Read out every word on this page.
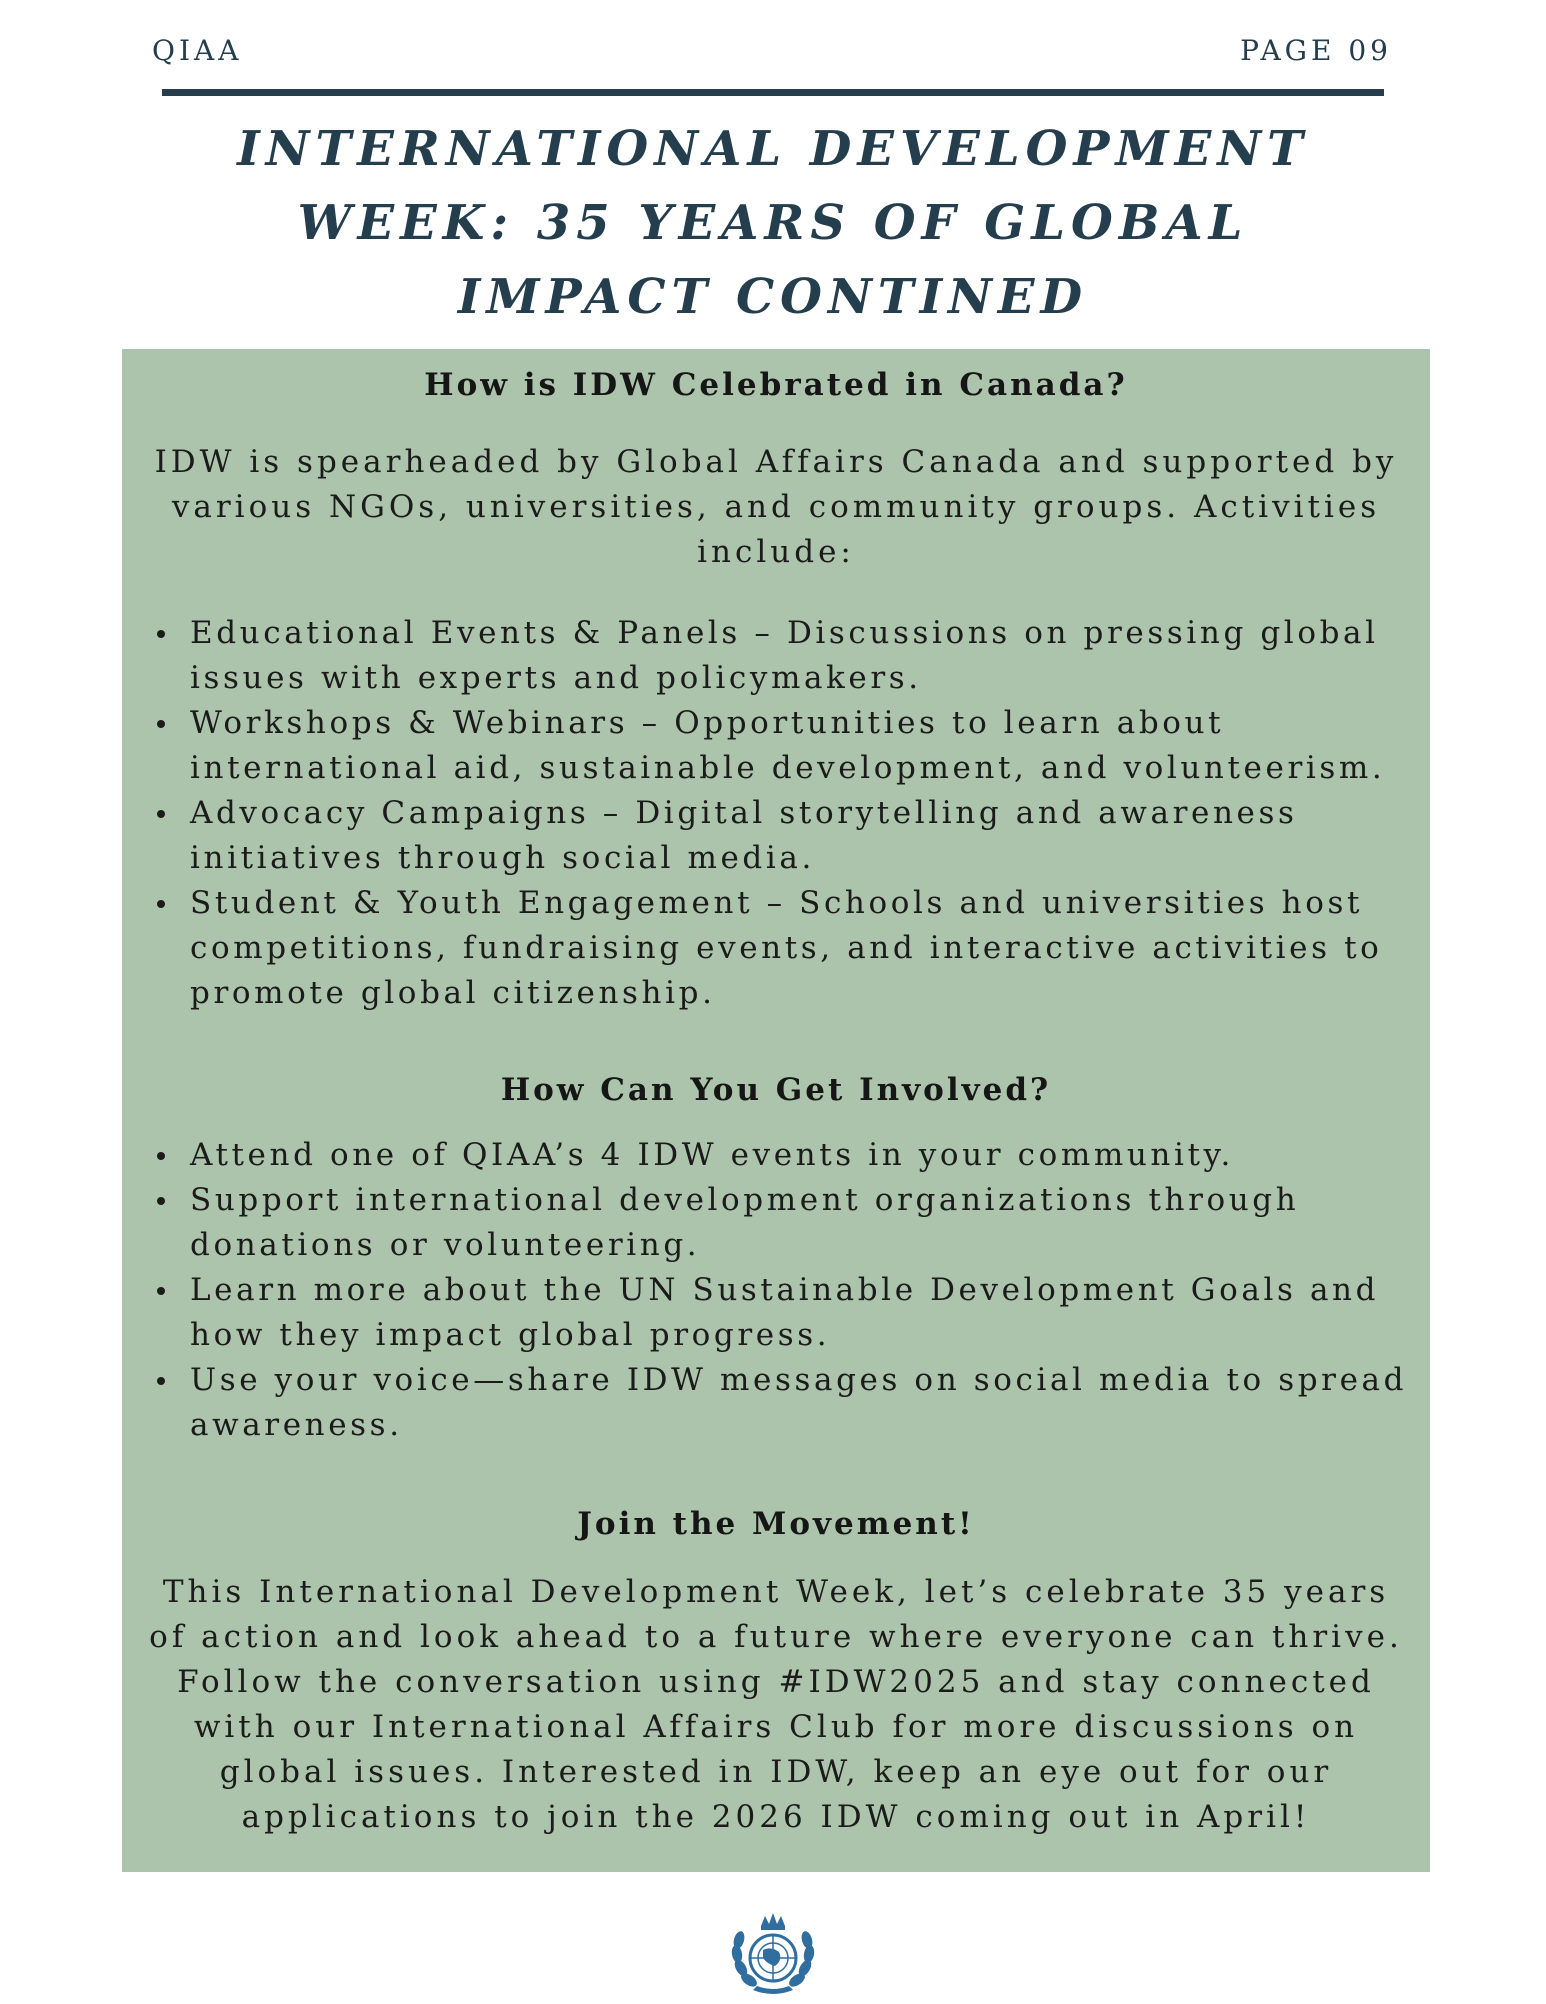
QIAA	PAGE 09
INTERNATIONAL DEVELOPMENT
WEEK: 35 YEARS OF GLOBAL
IMPACT CONTINED
How is IDW Celebrated in Canada?
IDW is spearheaded by Global Affairs Canada and supported by various NGOs, universities, and community groups. Activities include:
Educational Events & Panels – Discussions on pressing global issues with experts and policymakers.
Workshops & Webinars – Opportunities to learn about international aid, sustainable development, and volunteerism.
Advocacy Campaigns – Digital storytelling and awareness initiatives through social media.
Student & Youth Engagement – Schools and universities host competitions, fundraising events, and interactive activities to promote global citizenship.
How Can You Get Involved?
Attend one of QIAA’s 4 IDW events in your community.
Support international development organizations through donations or volunteering.
Learn more about the UN Sustainable Development Goals and how they impact global progress.
Use your voice—share IDW messages on social media to spread awareness.
Join the Movement!
This International Development Week, let’s celebrate 35 years of action and look ahead to a future where everyone can thrive. Follow the conversation using #IDW2025 and stay connected with our International Affairs Club for more discussions on global issues. Interested in IDW, keep an eye out for our applications to join the 2026 IDW coming out in April!
